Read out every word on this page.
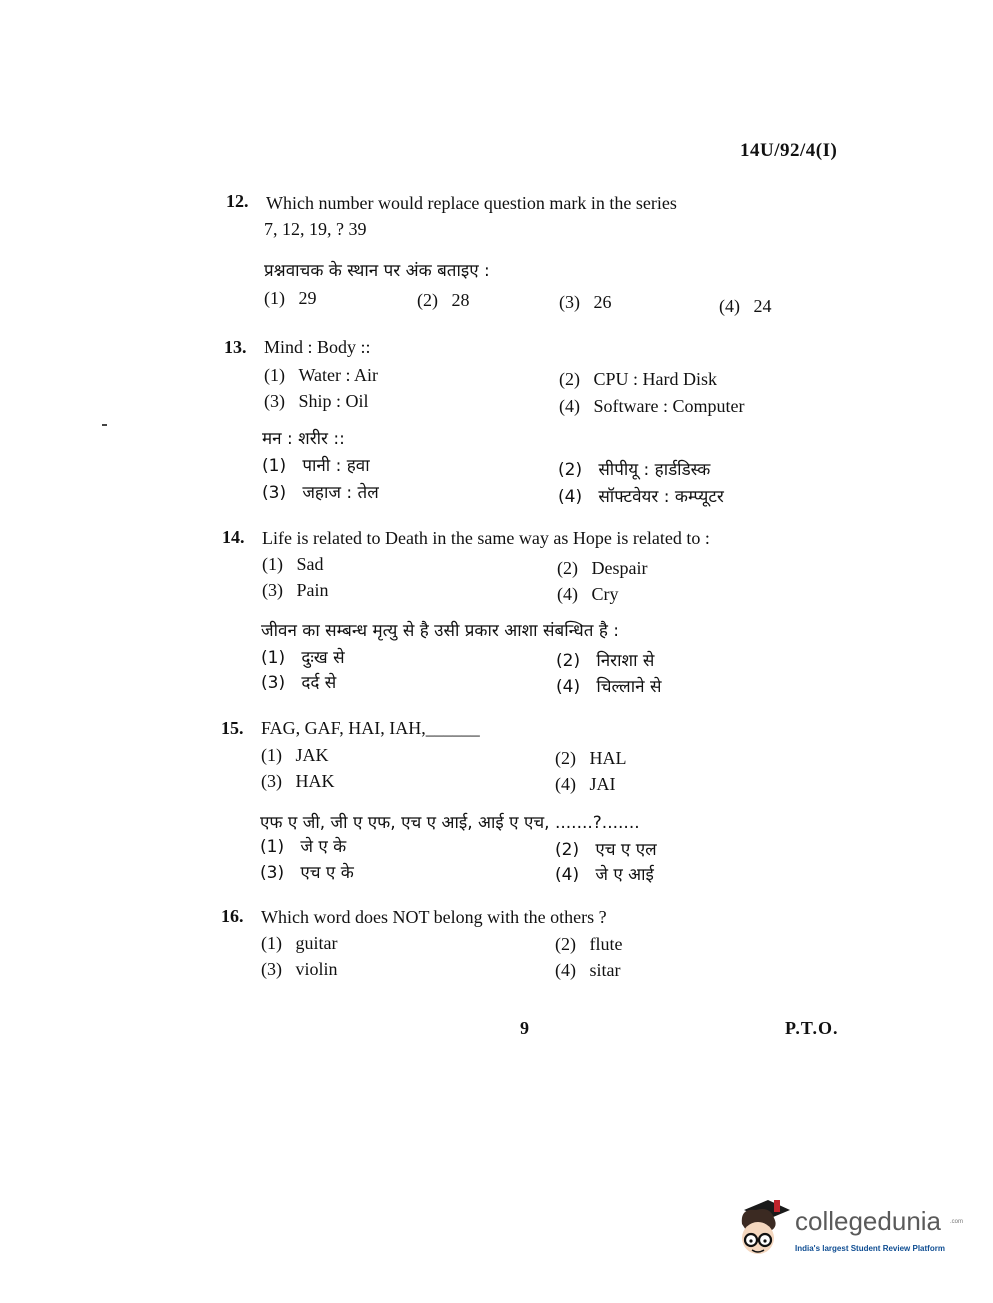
14U/92/4(I)
12. Which number would replace question mark in the series
7, 12, 19, ? 39
प्रश्नवाचक के स्थान पर अंक बताइए :
(1) 29	(2) 28	(3) 26	(4) 24
13. Mind : Body ::
(1) Water : Air	(2) CPU : Hard Disk
(3) Ship : Oil	(4) Software : Computer
मन : शरीर ::
(1) पानी : हवा	(2) सीपीयू : हार्डडिस्क
(3) जहाज : तेल	(4) सॉफ्टवेयर : कम्प्यूटर
14. Life is related to Death in the same way as Hope is related to :
(1) Sad	(2) Despair
(3) Pain	(4) Cry
जीवन का सम्बन्ध मृत्यु से है उसी प्रकार आशा संबन्धित है :
(1) दुःख से	(2) निराशा से
(3) दर्द से	(4) चिल्लाने से
15. FAG, GAF, HAI, IAH,______
(1) JAK	(2) HAL
(3) HAK	(4) JAI
एफ ए जी, जी ए एफ, एच ए आई, आई ए एच, .......?.......
(1) जे ए के	(2) एच ए एल
(3) एच ए के	(4) जे ए आई
16. Which word does NOT belong with the others ?
(1) guitar	(2) flute
(3) violin	(4) sitar
9	P.T.O.
collegedunia .com
India's largest Student Review Platform
